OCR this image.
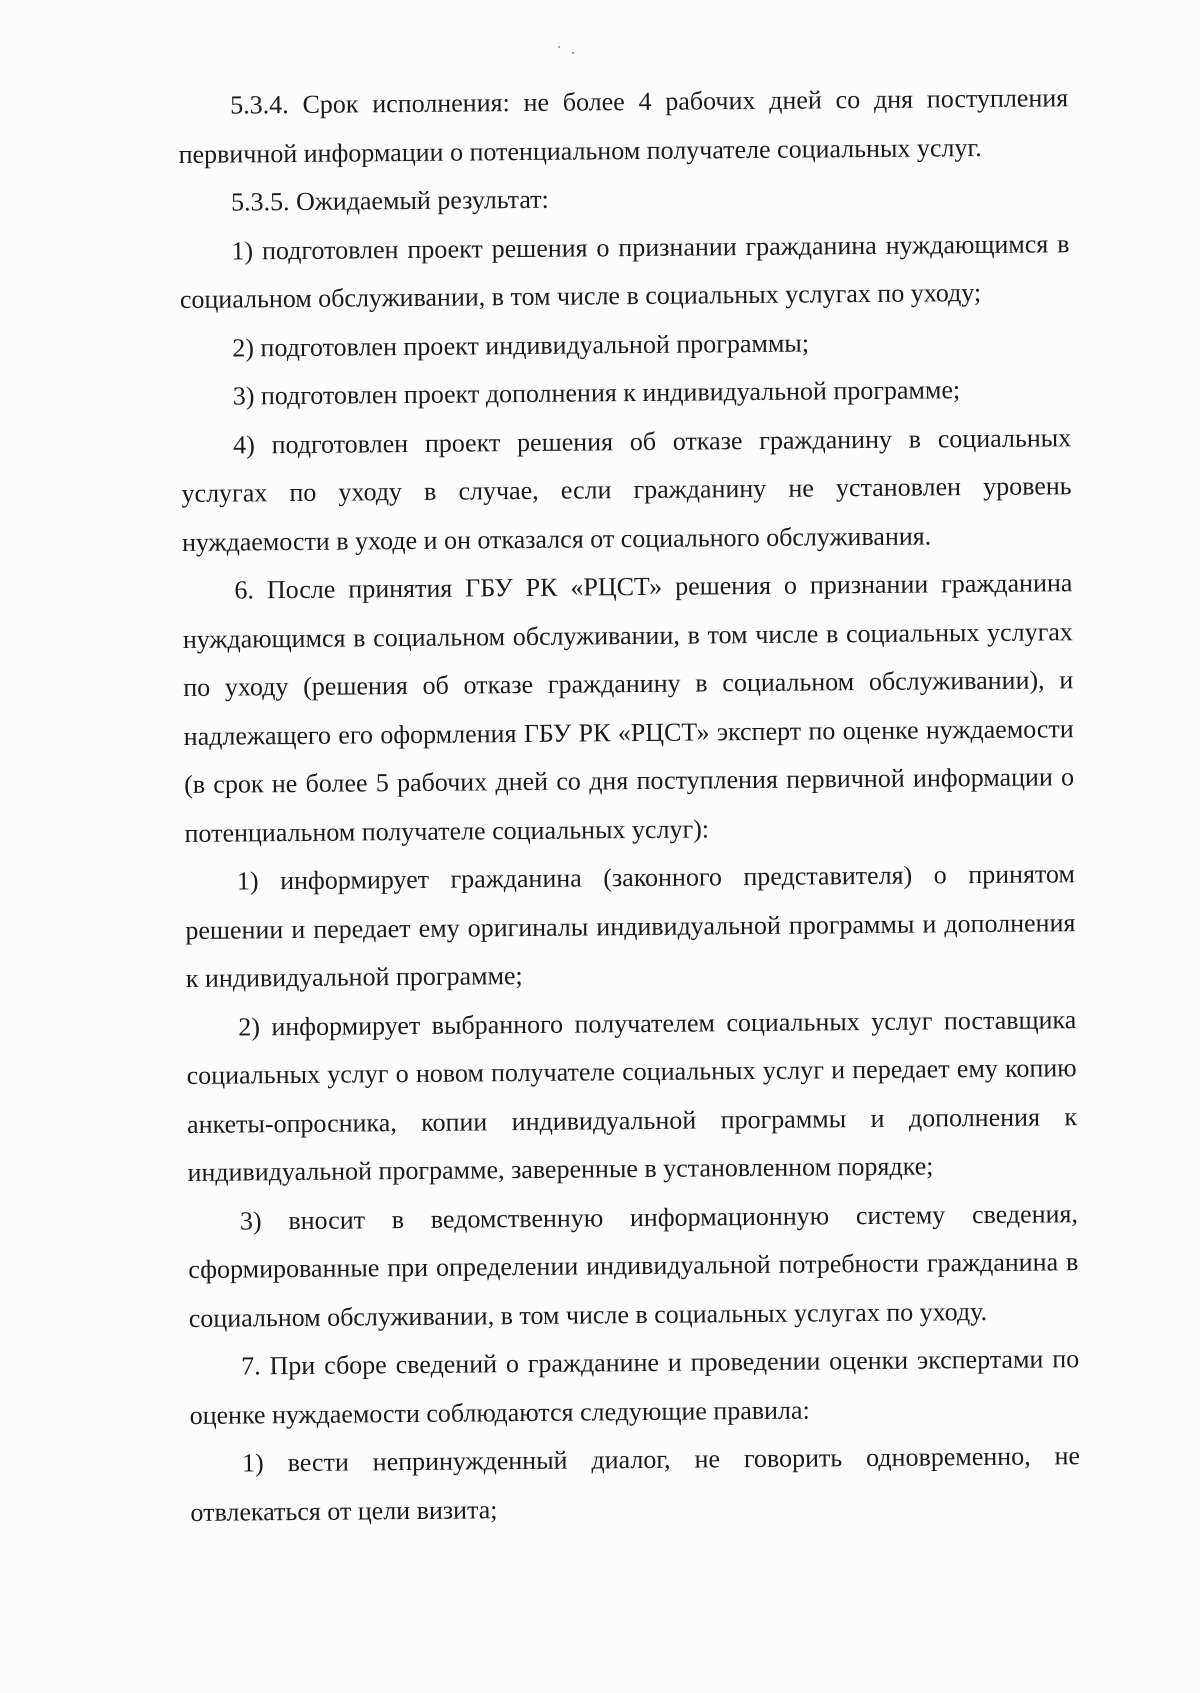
5.3.4. Срок исполнения: не более 4 рабочих дней со дня поступления первичной информации о потенциальном получателе социальных услуг.

5.3.5. Ожидаемый результат:

1) подготовлен проект решения о признании гражданина нуждающимся в социальном обслуживании, в том числе в социальных услугах по уходу;

2) подготовлен проект индивидуальной программы;

3) подготовлен проект дополнения к индивидуальной программе;

4) подготовлен проект решения об отказе гражданину в социальных услугах по уходу в случае, если гражданину не установлен уровень нуждаемости в уходе и он отказался от социального обслуживания.

6. После принятия ГБУ РК «РЦСТ» решения о признании гражданина нуждающимся в социальном обслуживании, в том числе в социальных услугах по уходу (решения об отказе гражданину в социальном обслуживании), и надлежащего его оформления ГБУ РК «РЦСТ» эксперт по оценке нуждаемости (в срок не более 5 рабочих дней со дня поступления первичной информации о потенциальном получателе социальных услуг):

1) информирует гражданина (законного представителя) о принятом решении и передает ему оригиналы индивидуальной программы и дополнения к индивидуальной программе;

2) информирует выбранного получателем социальных услуг поставщика социальных услуг о новом получателе социальных услуг и передает ему копию анкеты-опросника, копии индивидуальной программы и дополнения к индивидуальной программе, заверенные в установленном порядке;

3) вносит в ведомственную информационную систему сведения, сформированные при определении индивидуальной потребности гражданина в социальном обслуживании, в том числе в социальных услугах по уходу.

7. При сборе сведений о гражданине и проведении оценки экспертами по оценке нуждаемости соблюдаются следующие правила:

1) вести непринужденный диалог, не говорить одновременно, не отвлекаться от цели визита;
